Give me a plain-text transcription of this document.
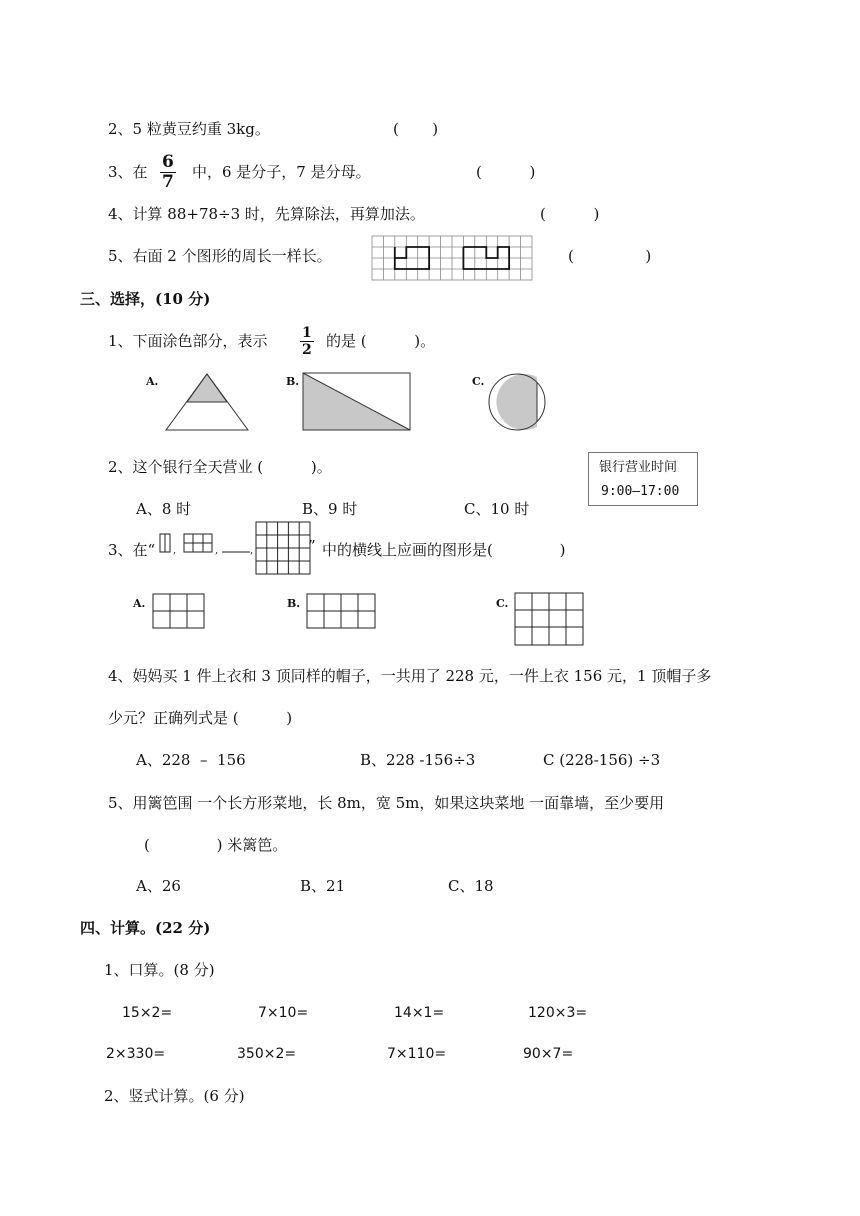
2、5 粒黄豆约重 3kg。	(       )
3、在 $\frac{6}{7}$ 中，6 是分子，7 是分母。	(          )
4、计算 88+78÷3 时，先算除法，再算加法。	(          )
5、右面 2 个图形的周长一样长。	(               )
三、选择，(10 分)
1、下面涂色部分，表示 $\frac{1}{2}$ 的是 (          )。
A.	B.	C.
2、这个银行全天营业 (          )。	银行营业时间
9:00—17:00
A、8 时	B、9 时	C、10 时
3、在“ ,	,	,	” 中的横线上应画的图形是(              )
A.	B.	C.
4、妈妈买 1 件上衣和 3 顶同样的帽子，一共用了 228 元，一件上衣 156 元，1 顶帽子多
少元？正确列式是 (          )
A、228  –  156	B、228 -156÷3	C (228-156) ÷3
5、用篱笆围 一个长方形菜地，长 8m，宽 5m，如果这块菜地 一面靠墙，至少要用
(              ) 米篱笆。
A、26	B、21	C、18
四、计算。(22 分)
1、口算。(8 分)
15×2=	7×10=	14×1=	120×3=
2×330=	350×2=	7×110=	90×7=
2、竖式计算。(6 分)
